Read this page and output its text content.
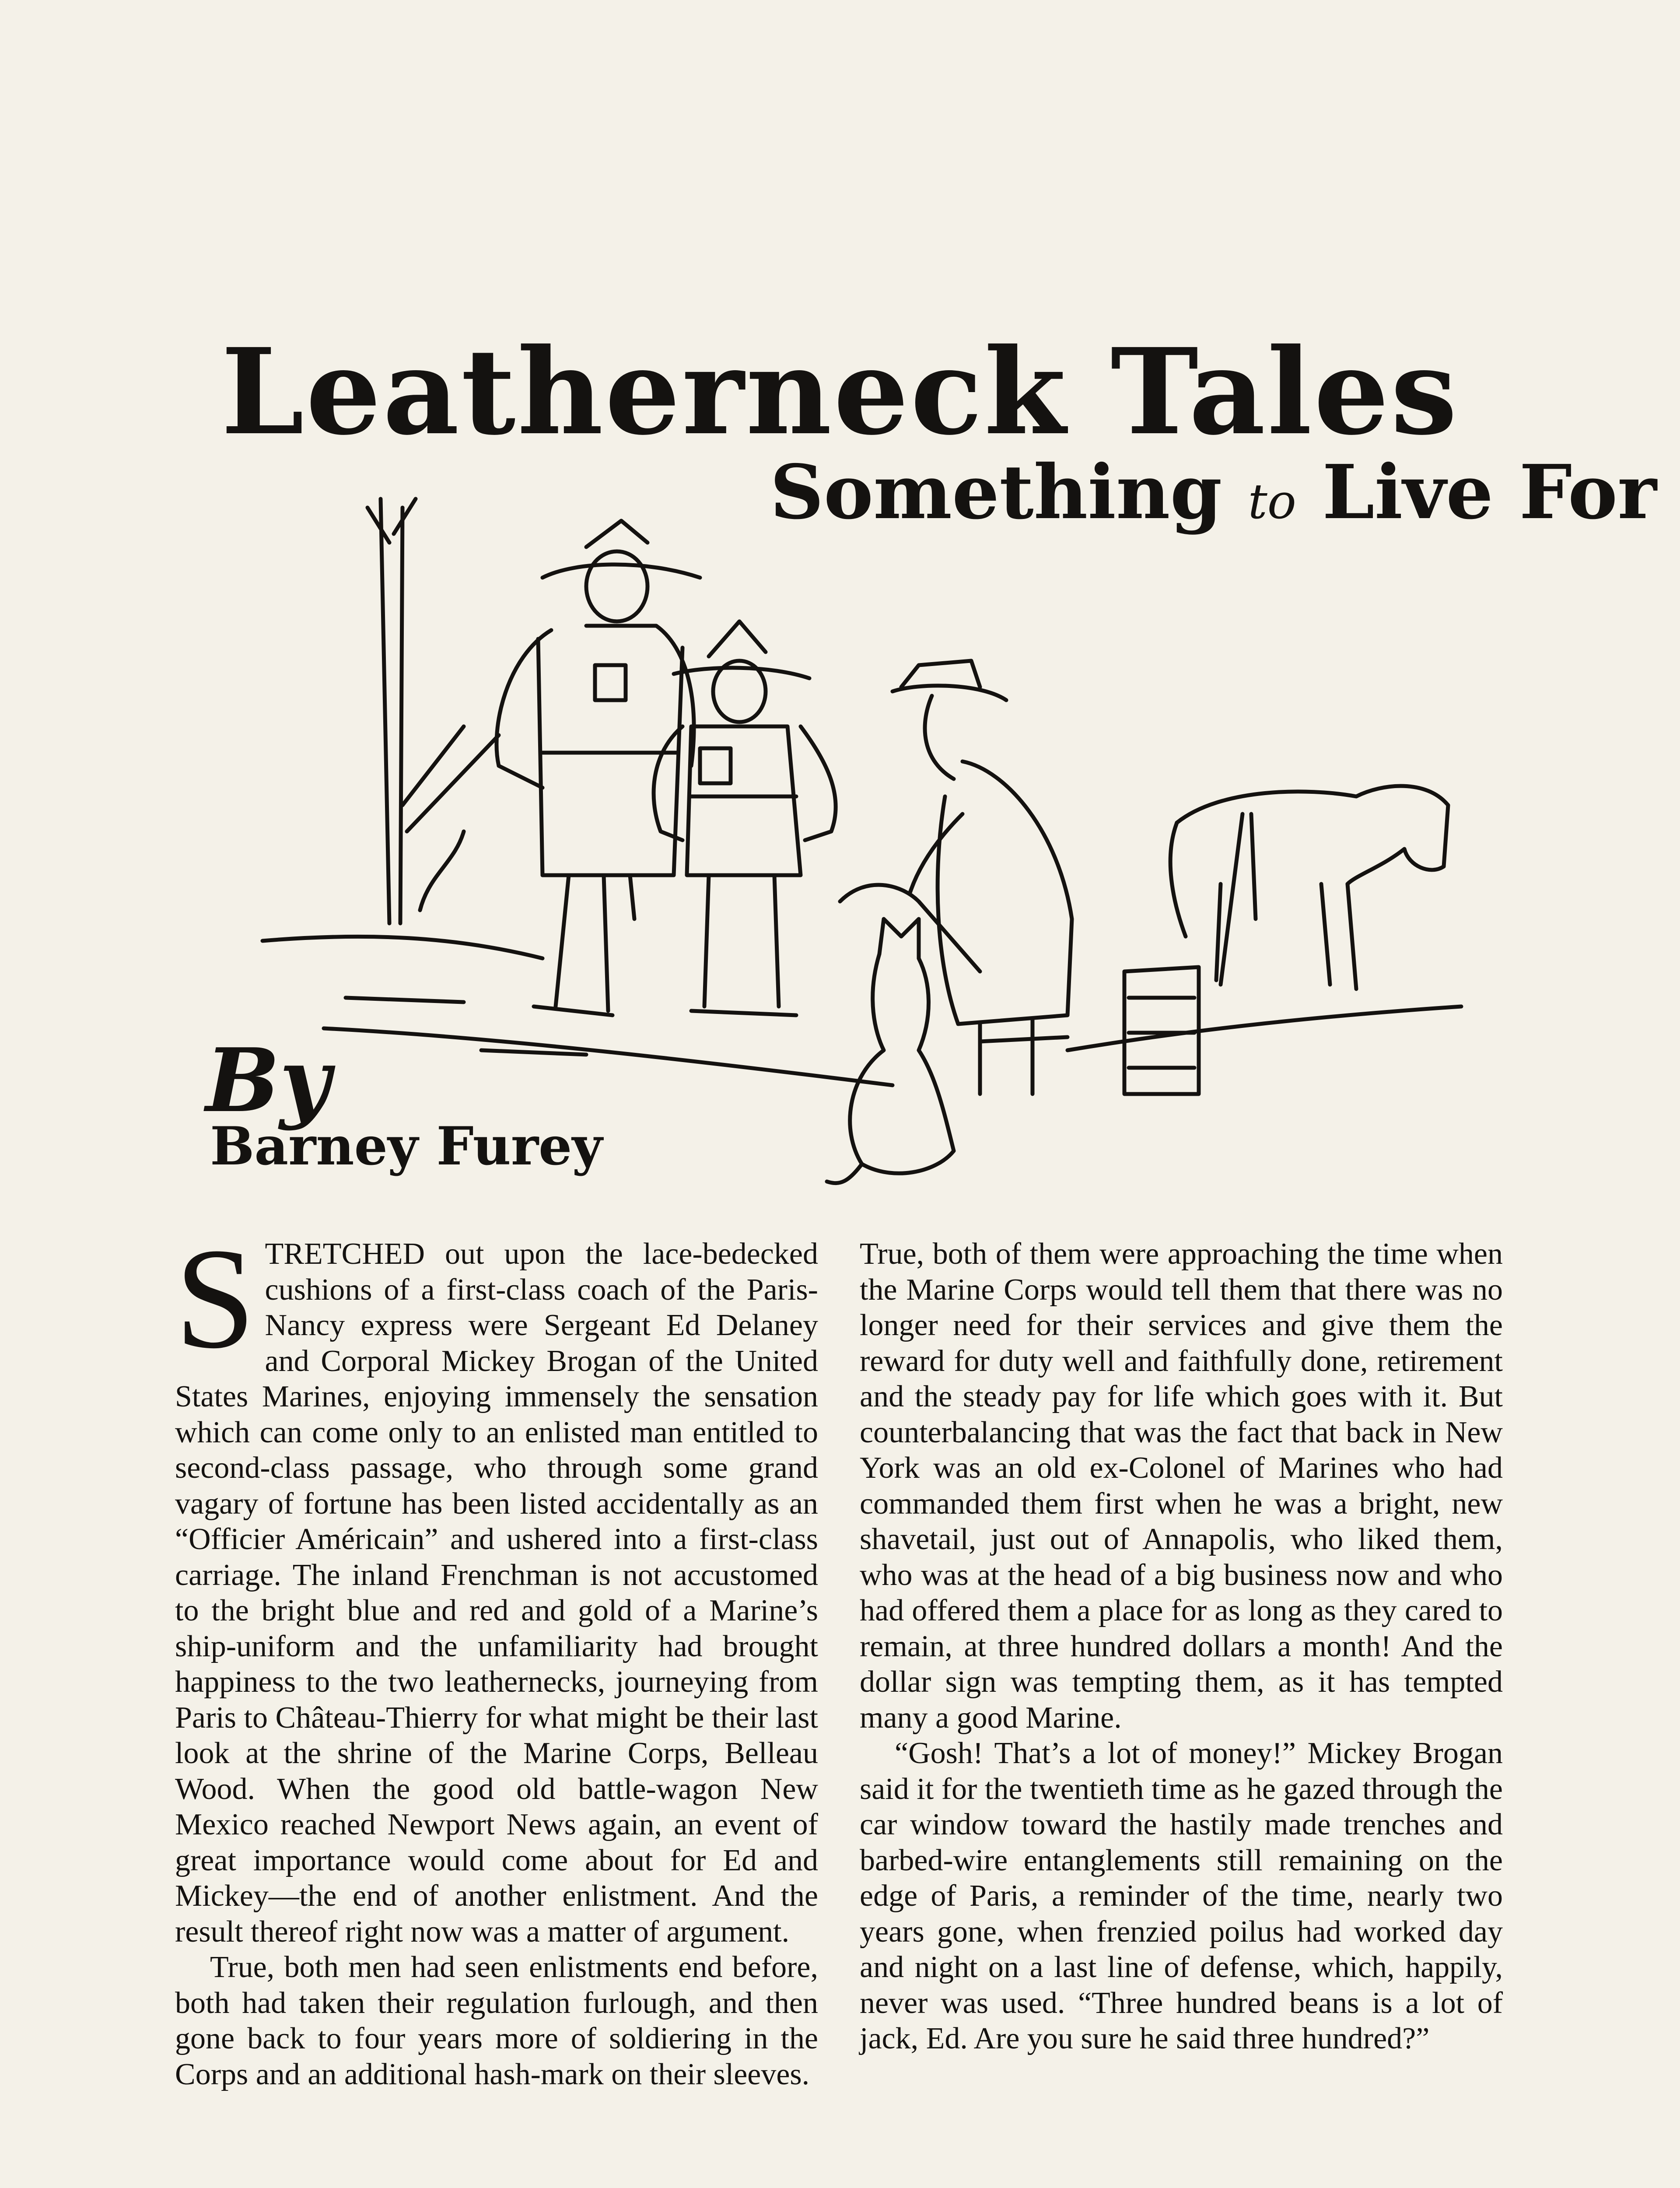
Leatherneck Tales
Something to Live For
By
Barney Furey

STRETCHED out upon the lace-bedecked cushions of a first-class coach of the Paris-Nancy express were Sergeant Ed Delaney and Corporal Mickey Brogan of the United States Marines, enjoying immensely the sensation which can come only to an enlisted man entitled to second-class passage, who through some grand vagary of fortune has been listed accidentally as an “Officier Américain” and ushered into a first-class carriage. The inland Frenchman is not accustomed to the bright blue and red and gold of a Marine’s ship-uniform and the unfamiliarity had brought happiness to the two leathernecks, journeying from Paris to Château-Thierry for what might be their last look at the shrine of the Marine Corps, Belleau Wood. When the good old battle-wagon New Mexico reached Newport News again, an event of great importance would come about for Ed and Mickey—the end of another enlistment. And the result thereof right now was a matter of argument.

True, both men had seen enlistments end before, both had taken their regulation furlough, and then gone back to four years more of soldiering in the Corps and an additional hash-mark on their sleeves.

True, both of them were approaching the time when the Marine Corps would tell them that there was no longer need for their services and give them the reward for duty well and faithfully done, retirement and the steady pay for life which goes with it. But counterbalancing that was the fact that back in New York was an old ex-Colonel of Marines who had commanded them first when he was a bright, new shavetail, just out of Annapolis, who liked them, who was at the head of a big business now and who had offered them a place for as long as they cared to remain, at three hundred dollars a month! And the dollar sign was tempting them, as it has tempted many a good Marine.

“Gosh! That’s a lot of money!” Mickey Brogan said it for the twentieth time as he gazed through the car window toward the hastily made trenches and barbed-wire entanglements still remaining on the edge of Paris, a reminder of the time, nearly two years gone, when frenzied poilus had worked day and night on a last line of defense, which, happily, never was used. “Three hundred beans is a lot of jack, Ed. Are you sure he said three hundred?”
